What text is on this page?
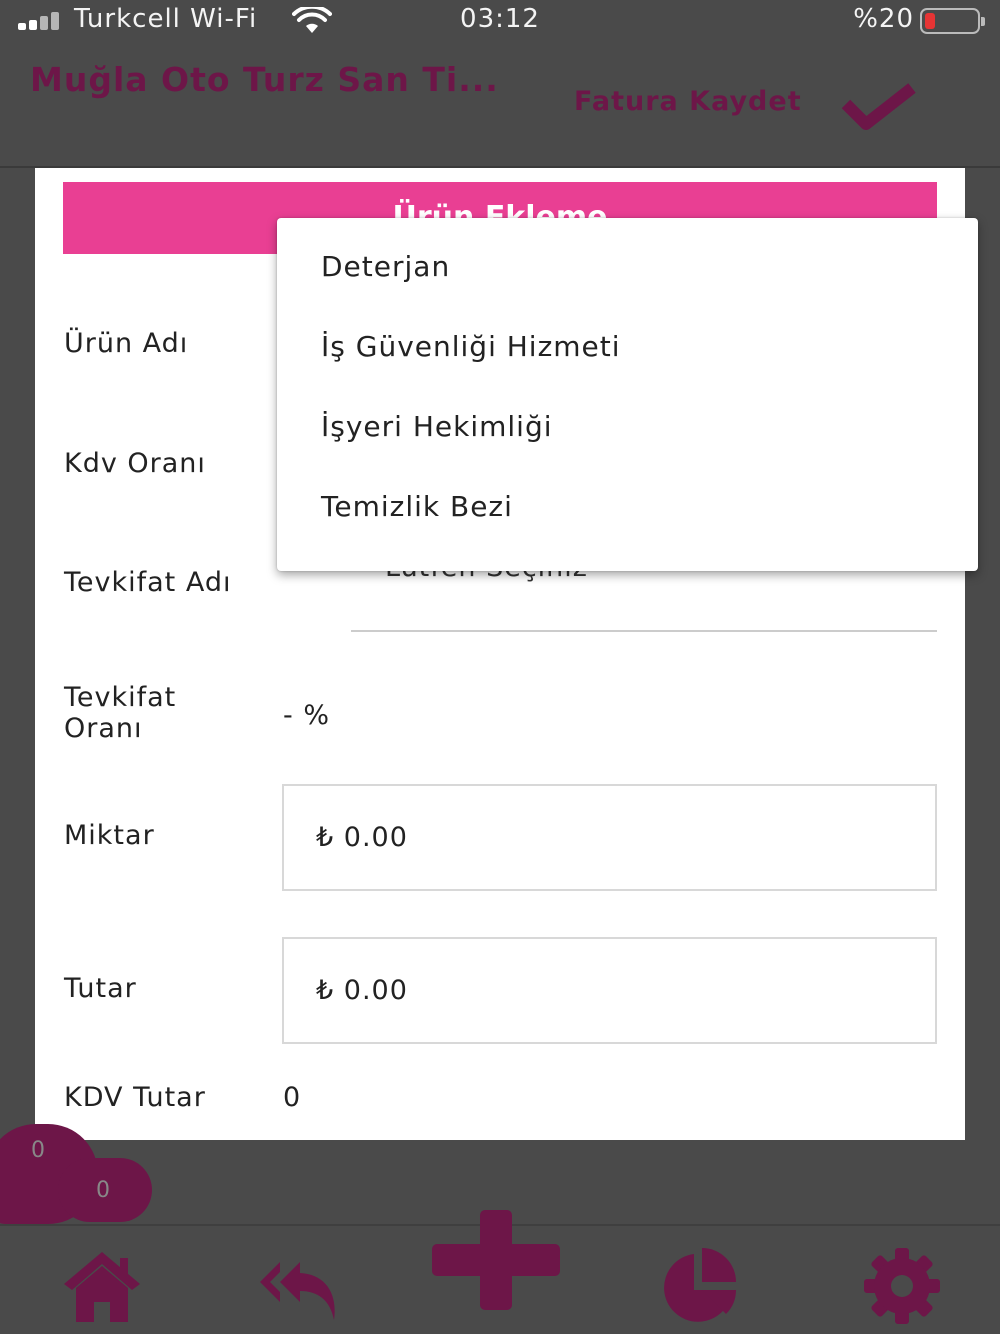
Turkcell Wi-Fi	03:12	%20
Muğla Oto Turz San Ti...
Fatura Kaydet
Ürün Adı
Kdv Oranı
Tevkifat Adı
Tevkifat
Oranı	- %
Miktar	₺ 0.00
Tutar	₺ 0.00
KDV Tutar	0
Deterjan
İş Güvenliği Hizmeti
İşyeri Hekimliği
Temizlik Bezi
0
0
